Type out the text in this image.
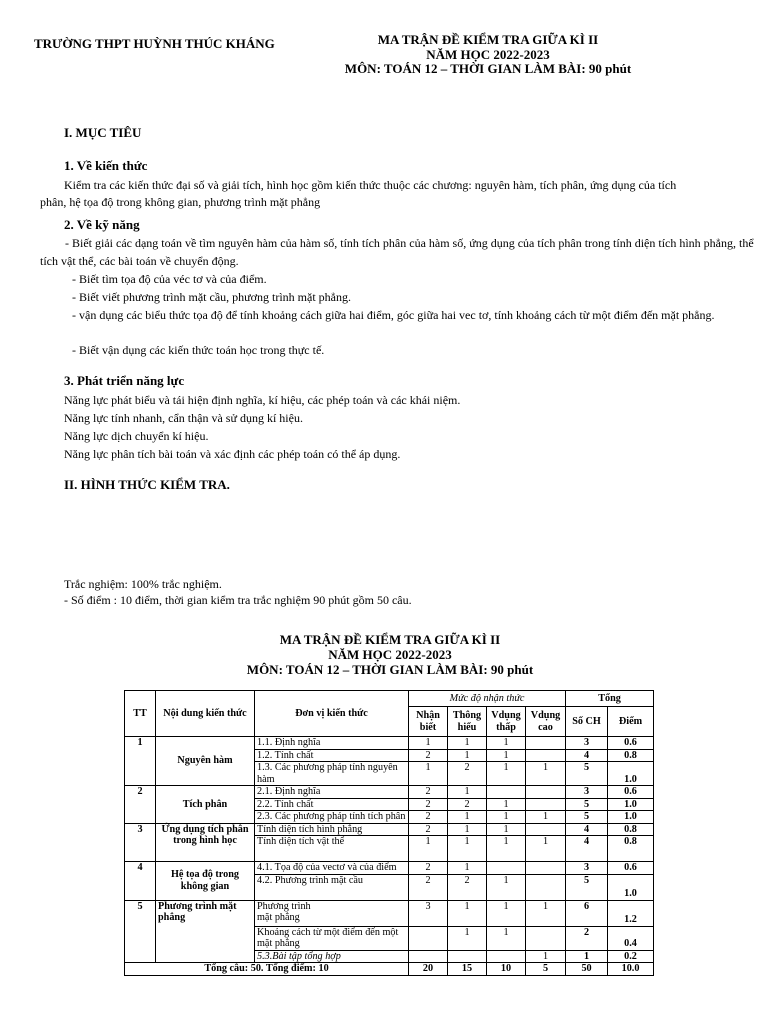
TRƯỜNG THPT HUỲNH THÚC KHÁNG	MA TRẬN ĐỀ KIỂM TRA GIỮA KÌ II
NĂM HỌC 2022-2023
MÔN: TOÁN 12 – THỜI GIAN LÀM BÀI: 90 phút
I. MỤC TIÊU
1. Về kiến thức
Kiểm tra các kiến thức đại số và giải tích, hình học gồm kiến thức thuộc các chương: nguyên hàm, tích phân, ứng dụng của tích
phân, hệ tọa độ trong không gian, phương trình mặt phẳng
2. Về kỹ năng
- Biết giải các dạng toán về tìm nguyên hàm của hàm số, tính tích phân của hàm số, ứng dụng của tích phân trong tính diện tích hình phẳng, thể tích vật thể, các bài toán về chuyển động.
- Biết tìm tọa độ của véc tơ và của điểm.
- Biết viết phương trình mặt cầu, phương trình mặt phẳng.
- vận dụng các biểu thức tọa độ để tính khoảng cách giữa hai điểm, góc giữa hai vec tơ, tính khoảng cách từ một điểm đến mặt phẳng.
- Biết vận dụng các kiến thức toán học trong thực tế.
3. Phát triển năng lực
Năng lực phát biểu và tái hiện định nghĩa, kí hiệu, các phép toán và các khái niệm.
Năng lực tính nhanh, cẩn thận và sử dụng kí hiệu.
Năng lực dịch chuyển kí hiệu.
Năng lực phân tích bài toán và xác định các phép toán có thể áp dụng.
II. HÌNH THỨC KIỂM TRA.
Trắc nghiệm: 100% trắc nghiệm.
- Số điểm : 10 điểm, thời gian kiểm tra trắc nghiệm 90 phút gồm 50 câu.
MA TRẬN ĐỀ KIỂM TRA GIỮA KÌ II
NĂM HỌC 2022-2023
MÔN: TOÁN 12 – THỜI GIAN LÀM BÀI: 90 phút
TT	Nội dung kiến thức	Đơn vị kiến thức	Mức độ nhận thức				Tổng	
			Nhận biết	Thông hiểu	Vdụng thấp	Vdụng cao	Số CH	Điểm
1	Nguyên hàm	1.1. Định nghĩa	1	1	1		3	0.6
		1.2. Tính chất	2	1	1		4	0.8
		1.3. Các phương pháp tính nguyên hàm	1	2	1	1	5	1.0
2	Tích phân	2.1. Định nghĩa	2	1			3	0.6
		2.2. Tính chất	2	2	1		5	1.0
		2.3. Các phương pháp tính tích phân	2	1	1	1	5	1.0
3	Ứng dụng tích phân trong hình học	Tính diện tích hình phẳng	2	1	1		4	0.8
		Tính diện tích vật thể	1	1	1	1	4	0.8
4	Hệ tọa độ trong không gian	4.1. Tọa độ của vectơ và của điểm	2	1			3	0.6
		4.2. Phương trình mặt cầu	2	2	1		5	1.0
5	Phương trình mặt phẳng	Phương trình mặt phẳng	3	1	1	1	6	1.2
		Khoảng cách từ một điểm đến một mặt phẳng		1	1		2	0.4
		5.3.Bài tập tổng hợp				1	1	0.2
Tổng câu: 50. Tổng điểm: 10			20	15	10	5	50	10.0
